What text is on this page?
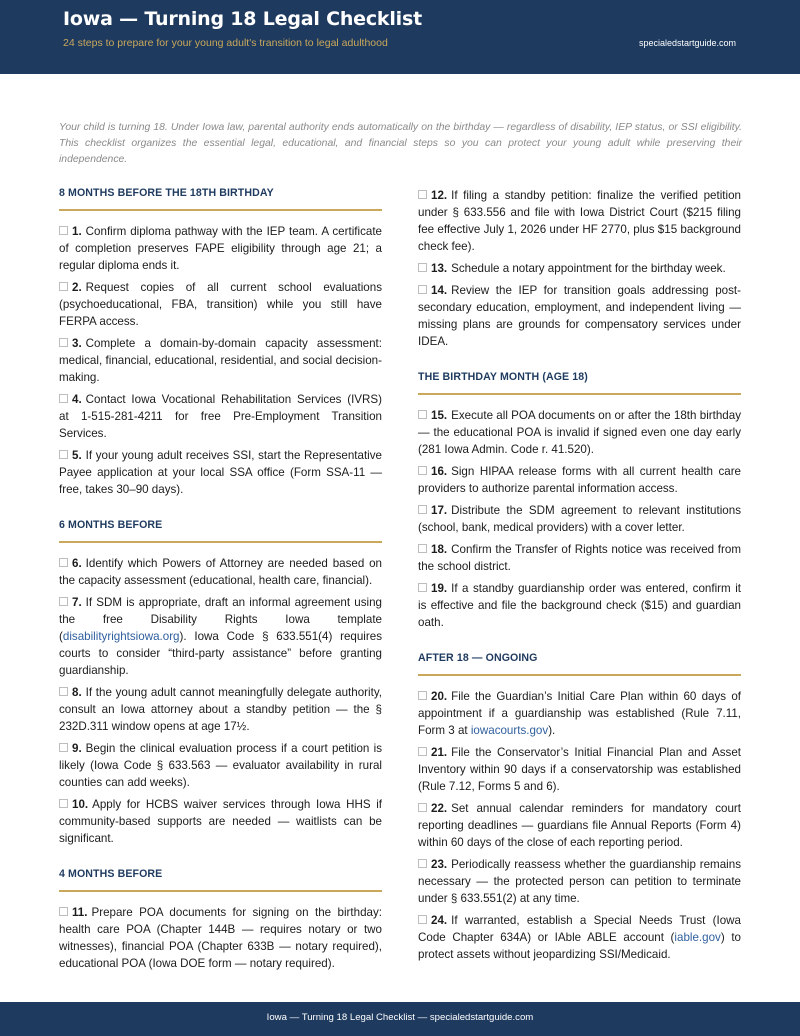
Iowa — Turning 18 Legal Checklist
24 steps to prepare for your young adult's transition to legal adulthood	specialedstartguide.com
Your child is turning 18. Under Iowa law, parental authority ends automatically on the birthday — regardless of disability, IEP status, or SSI eligibility. This checklist organizes the essential legal, educational, and financial steps so you can protect your young adult while preserving their independence.
8 MONTHS BEFORE THE 18TH BIRTHDAY
1. Confirm diploma pathway with the IEP team. A certificate of completion preserves FAPE eligibility through age 21; a regular diploma ends it.
2. Request copies of all current school evaluations (psychoeducational, FBA, transition) while you still have FERPA access.
3. Complete a domain-by-domain capacity assessment: medical, financial, educational, residential, and social decision-making.
4. Contact Iowa Vocational Rehabilitation Services (IVRS) at 1-515-281-4211 for free Pre-Employment Transition Services.
5. If your young adult receives SSI, start the Representative Payee application at your local SSA office (Form SSA-11 — free, takes 30–90 days).
6 MONTHS BEFORE
6. Identify which Powers of Attorney are needed based on the capacity assessment (educational, health care, financial).
7. If SDM is appropriate, draft an informal agreement using the free Disability Rights Iowa template (disabilityrightsiowa.org). Iowa Code § 633.551(4) requires courts to consider “third-party assistance” before granting guardianship.
8. If the young adult cannot meaningfully delegate authority, consult an Iowa attorney about a standby petition — the § 232D.311 window opens at age 17½.
9. Begin the clinical evaluation process if a court petition is likely (Iowa Code § 633.563 — evaluator availability in rural counties can add weeks).
10. Apply for HCBS waiver services through Iowa HHS if community-based supports are needed — waitlists can be significant.
4 MONTHS BEFORE
11. Prepare POA documents for signing on the birthday: health care POA (Chapter 144B — requires notary or two witnesses), financial POA (Chapter 633B — notary required), educational POA (Iowa DOE form — notary required).
12. If filing a standby petition: finalize the verified petition under § 633.556 and file with Iowa District Court ($215 filing fee effective July 1, 2026 under HF 2770, plus $15 background check fee).
13. Schedule a notary appointment for the birthday week.
14. Review the IEP for transition goals addressing post-secondary education, employment, and independent living — missing plans are grounds for compensatory services under IDEA.
THE BIRTHDAY MONTH (AGE 18)
15. Execute all POA documents on or after the 18th birthday — the educational POA is invalid if signed even one day early (281 Iowa Admin. Code r. 41.520).
16. Sign HIPAA release forms with all current health care providers to authorize parental information access.
17. Distribute the SDM agreement to relevant institutions (school, bank, medical providers) with a cover letter.
18. Confirm the Transfer of Rights notice was received from the school district.
19. If a standby guardianship order was entered, confirm it is effective and file the background check ($15) and guardian oath.
AFTER 18 — ONGOING
20. File the Guardian’s Initial Care Plan within 60 days of appointment if a guardianship was established (Rule 7.11, Form 3 at iowacourts.gov).
21. File the Conservator’s Initial Financial Plan and Asset Inventory within 90 days if a conservatorship was established (Rule 7.12, Forms 5 and 6).
22. Set annual calendar reminders for mandatory court reporting deadlines — guardians file Annual Reports (Form 4) within 60 days of the close of each reporting period.
23. Periodically reassess whether the guardianship remains necessary — the protected person can petition to terminate under § 633.551(2) at any time.
24. If warranted, establish a Special Needs Trust (Iowa Code Chapter 634A) or IAble ABLE account (iable.gov) to protect assets without jeopardizing SSI/Medicaid.
Iowa — Turning 18 Legal Checklist — specialedstartguide.com
